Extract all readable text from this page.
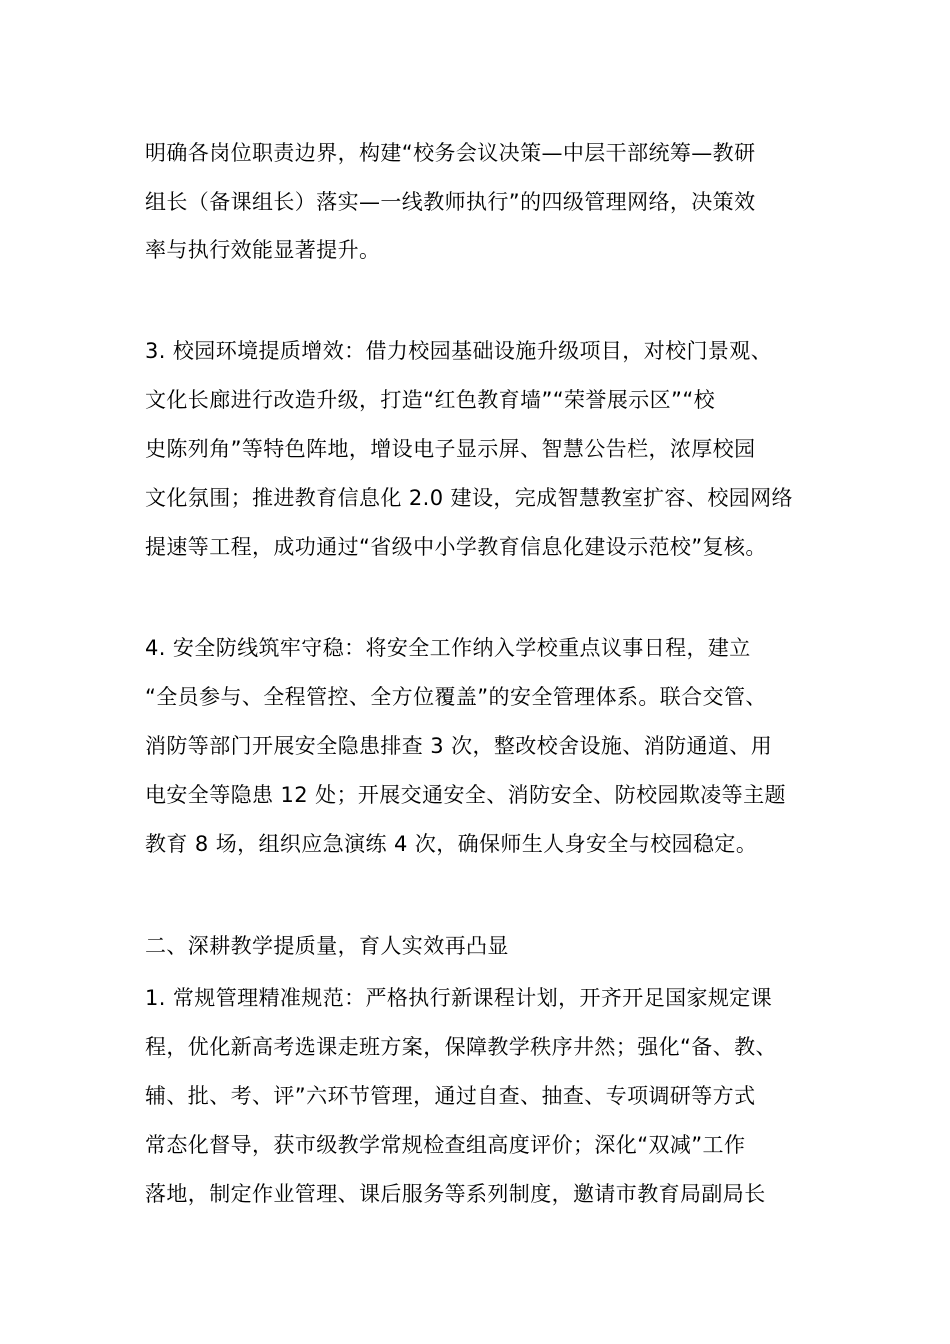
明确各岗位职责边界，构建“校务会议决策—中层干部统筹—教研
组长（备课组长）落实—一线教师执行”的四级管理网络，决策效
率与执行效能显著提升。
3. 校园环境提质增效：借力校园基础设施升级项目，对校门景观、
文化长廊进行改造升级，打造“红色教育墙”“荣誉展示区”“校
史陈列角”等特色阵地，增设电子显示屏、智慧公告栏，浓厚校园
文化氛围；推进教育信息化 2.0 建设，完成智慧教室扩容、校园网络
提速等工程，成功通过“省级中小学教育信息化建设示范校”复核。
4. 安全防线筑牢守稳：将安全工作纳入学校重点议事日程，建立
“全员参与、全程管控、全方位覆盖”的安全管理体系。联合交管、
消防等部门开展安全隐患排查 3 次，整改校舍设施、消防通道、用
电安全等隐患 12 处；开展交通安全、消防安全、防校园欺凌等主题
教育 8 场，组织应急演练 4 次，确保师生人身安全与校园稳定。
二、深耕教学提质量，育人实效再凸显
1. 常规管理精准规范：严格执行新课程计划，开齐开足国家规定课
程，优化新高考选课走班方案，保障教学秩序井然；强化“备、教、
辅、批、考、评”六环节管理，通过自查、抽查、专项调研等方式
常态化督导，获市级教学常规检查组高度评价；深化“双减”工作
落地，制定作业管理、课后服务等系列制度，邀请市教育局副局长
